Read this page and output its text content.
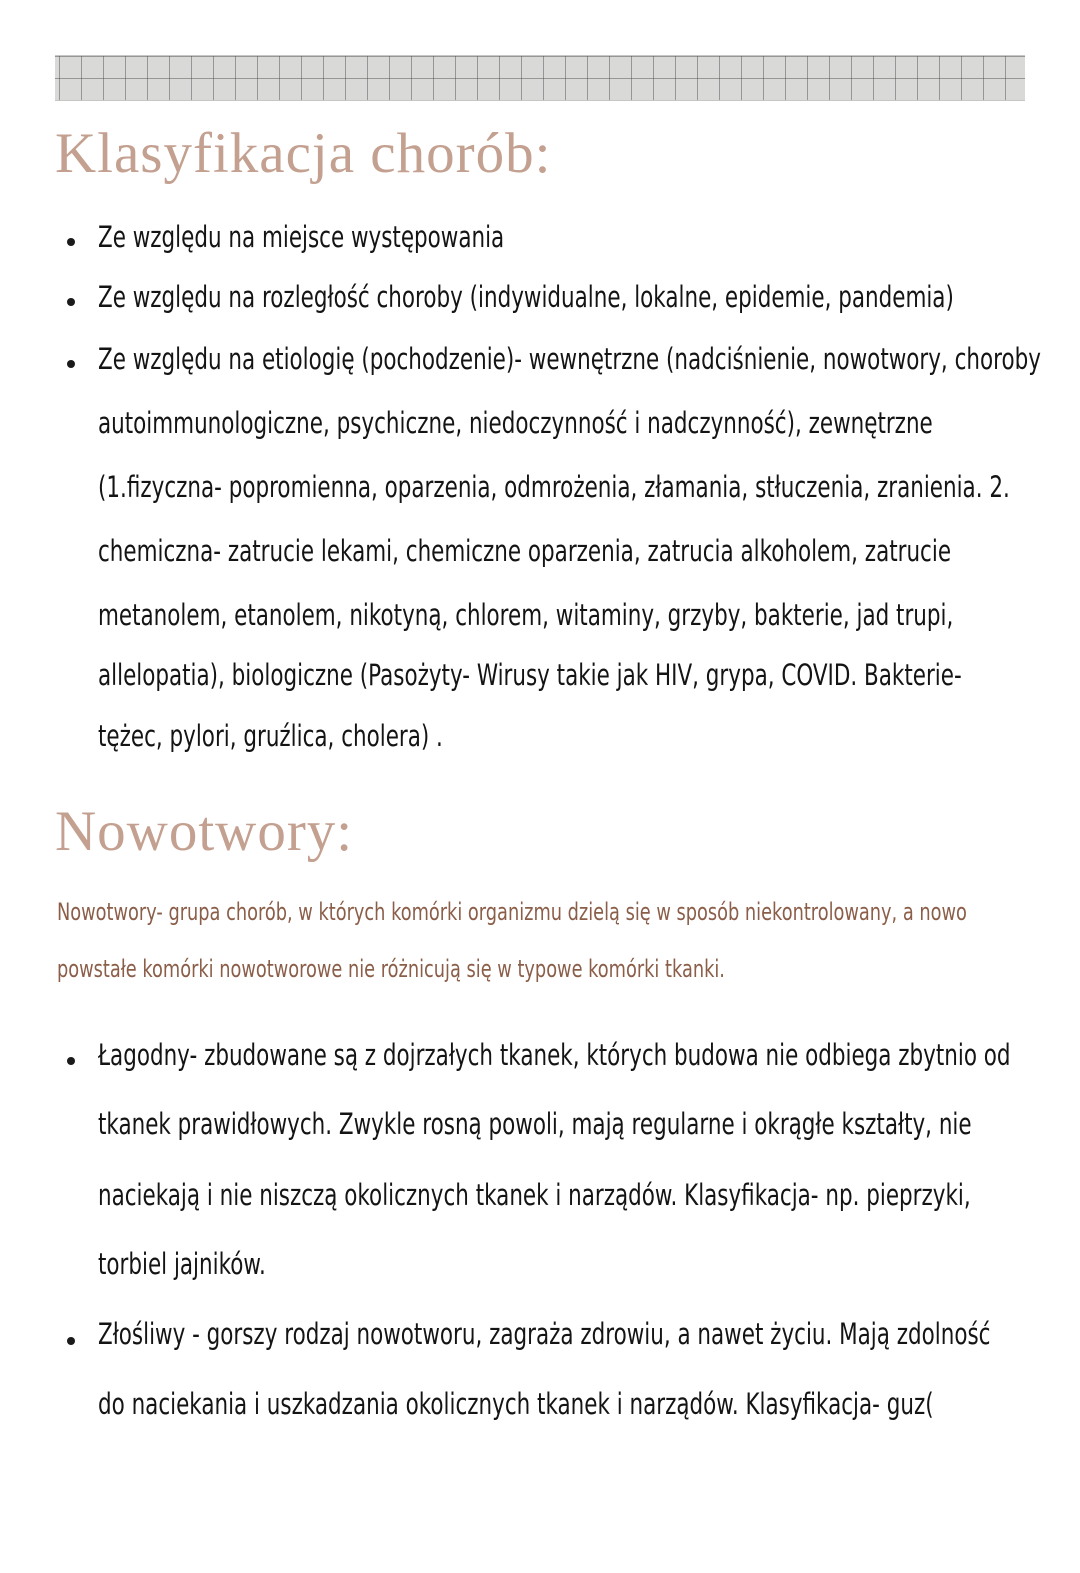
Klasyfikacja chorób:
Ze względu na miejsce występowania
Ze względu na rozległość choroby (indywidualne, lokalne, epidemie, pandemia)
Ze względu na etiologię (pochodzenie)- wewnętrzne (nadciśnienie, nowotwory, choroby
autoimmunologiczne, psychiczne, niedoczynność i nadczynność), zewnętrzne
(1.fizyczna- popromienna, oparzenia, odmrożenia, złamania, stłuczenia, zranienia. 2.
chemiczna- zatrucie lekami, chemiczne oparzenia, zatrucia alkoholem, zatrucie
metanolem, etanolem, nikotyną, chlorem, witaminy, grzyby, bakterie, jad trupi,
allelopatia), biologiczne (Pasożyty- Wirusy takie jak HIV, grypa, COVID. Bakterie-
tężec, pylori, gruźlica, cholera) .
Nowotwory:
Nowotwory- grupa chorób, w których komórki organizmu dzielą się w sposób niekontrolowany, a nowo
powstałe komórki nowotworowe nie różnicują się w typowe komórki tkanki.
Łagodny- zbudowane są z dojrzałych tkanek, których budowa nie odbiega zbytnio od
tkanek prawidłowych. Zwykle rosną powoli, mają regularne i okrągłe kształty, nie
naciekają i nie niszczą okolicznych tkanek i narządów. Klasyfikacja- np. pieprzyki,
torbiel jajników.
Złośliwy - gorszy rodzaj nowotworu, zagraża zdrowiu, a nawet życiu. Mają zdolność
do naciekania i uszkadzania okolicznych tkanek i narządów. Klasyfikacja- guz(
